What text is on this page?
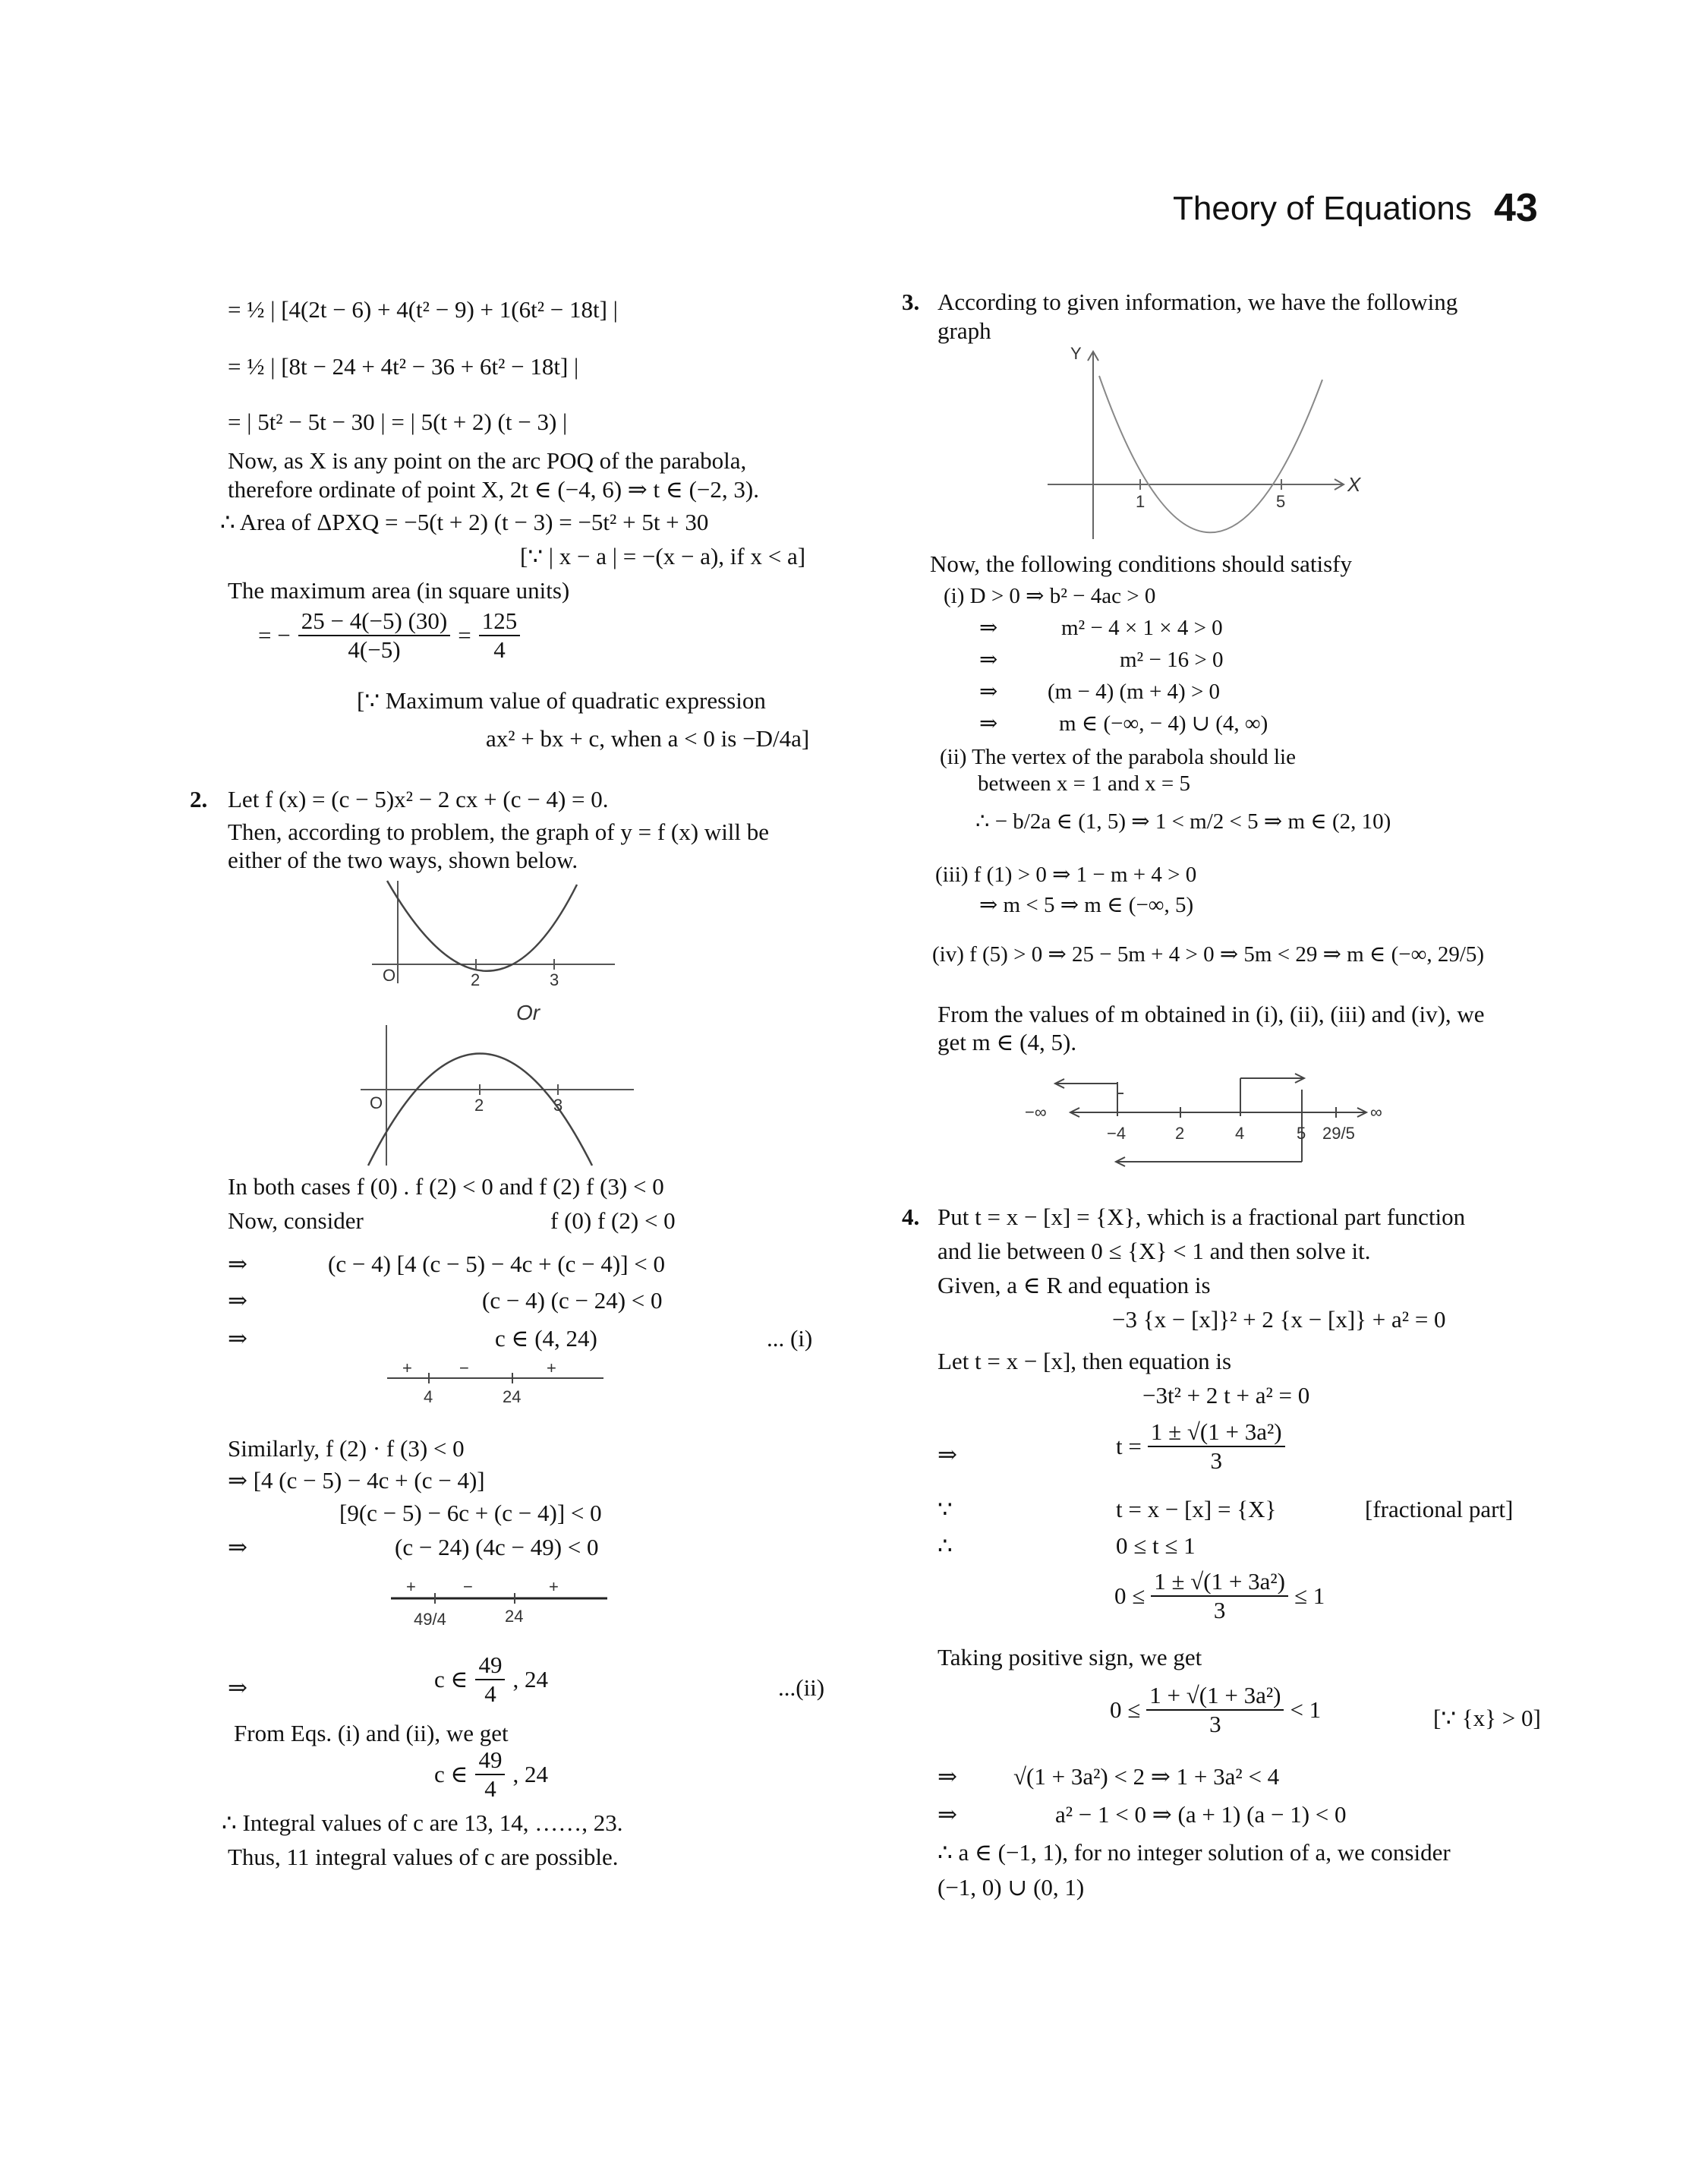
Theory of Equations 43
= ½ | [4(2t − 6) + 4(t² − 9) + 1(6t² − 18t] |
= ½ | [8t − 24 + 4t² − 36 + 6t² − 18t] |
= | 5t² − 5t − 30 | = | 5(t + 2) (t − 3) |
Now, as X is any point on the arc POQ of the parabola,
therefore ordinate of point X, 2t ∈ (−4, 6) ⇒ t ∈ (−2, 3).
∴ Area of ΔPXQ = −5(t + 2) (t − 3) = −5t² + 5t + 30
[∵ | x − a | = −(x − a), if x < a]
The maximum area (in square units)
= − $\frac{25 - 4(-5) (30)}{4(-5)} = \frac{125}{4}$
[∵ Maximum value of quadratic expression
ax² + bx + c, when a < 0 is −D/4a]
2. Let f (x) = (c − 5)x² − 2 cx + (c − 4) = 0.
Then, according to problem, the graph of y = f (x) will be
either of the two ways, shown below.
O	2	3
Or
O	2	3
In both cases f (0) . f (2) < 0 and f (2) f (3) < 0
Now, consider	f (0) f (2) < 0
⇒	(c − 4) [4 (c − 5) − 4c + (c − 4)] < 0
⇒	(c − 4) (c − 24) < 0
⇒	c ∈ (4, 24)	... (i)
+	−	+
4	24
Similarly, f (2) · f (3) < 0
⇒ [4 (c − 5) − 4c + (c − 4)]
[9(c − 5) − 6c + (c − 4)] < 0
⇒	(c − 24) (4c − 49) < 0
+	−	+
49/4	24
⇒	c ∈ $\frac{49}{4}$ , 24	...(ii)
From Eqs. (i) and (ii), we get
c ∈ $\frac{49}{4}$ , 24
∴ Integral values of c are 13, 14, ……, 23.
Thus, 11 integral values of c are possible.
3. According to given information, we have the following
graph
Y
X
1	5
Now, the following conditions should satisfy
(i) D > 0 ⇒ b² − 4ac > 0
⇒	m² − 4 × 1 × 4 > 0
⇒	m² − 16 > 0
⇒ (m − 4) (m + 4) > 0
⇒	m ∈ (−∞, − 4) ∪ (4, ∞)
(ii) The vertex of the parabola should lie
between x = 1 and x = 5
∴ − b/2a ∈ (1, 5) ⇒ 1 < m/2 < 5 ⇒ m ∈ (2, 10)
(iii) f (1) > 0 ⇒ 1 − m + 4 > 0
⇒ m < 5 ⇒ m ∈ (−∞, 5)
(iv) f (5) > 0 ⇒ 25 − 5m + 4 > 0 ⇒ 5m < 29 ⇒ m ∈ (−∞, 29/5)
From the values of m obtained in (i), (ii), (iii) and (iv), we
get m ∈ (4, 5).
−∞
−4	2	4	5 29/5
∞
4. Put t = x − [x] = {X}, which is a fractional part function
and lie between 0 ≤ {X} < 1 and then solve it.
Given, a ∈ R and equation is
−3 {x − [x]}² + 2 {x − [x]} + a² = 0
Let t = x − [x], then equation is
−3t² + 2 t + a² = 0
⇒	$t = \frac{\text{1 ± √(1 + 3a²)}}{3}$
∵	t = x − [x] = {X}	[fractional part]
∴	0 ≤ t ≤ 1
$0 \le \frac{\text{1 ± √(1 + 3a²)}}{3} \le 1$
Taking positive sign, we get
$0 \le \frac{\text{1 + √(1 + 3a²)}}{3} < 1$	[∵ {x} > 0]
⇒ √(1 + 3a²) < 2 ⇒ 1 + 3a² < 4
⇒	a² − 1 < 0 ⇒ (a + 1) (a − 1) < 0
∴ a ∈ (−1, 1), for no integer solution of a, we consider
(−1, 0) ∪ (0, 1)
